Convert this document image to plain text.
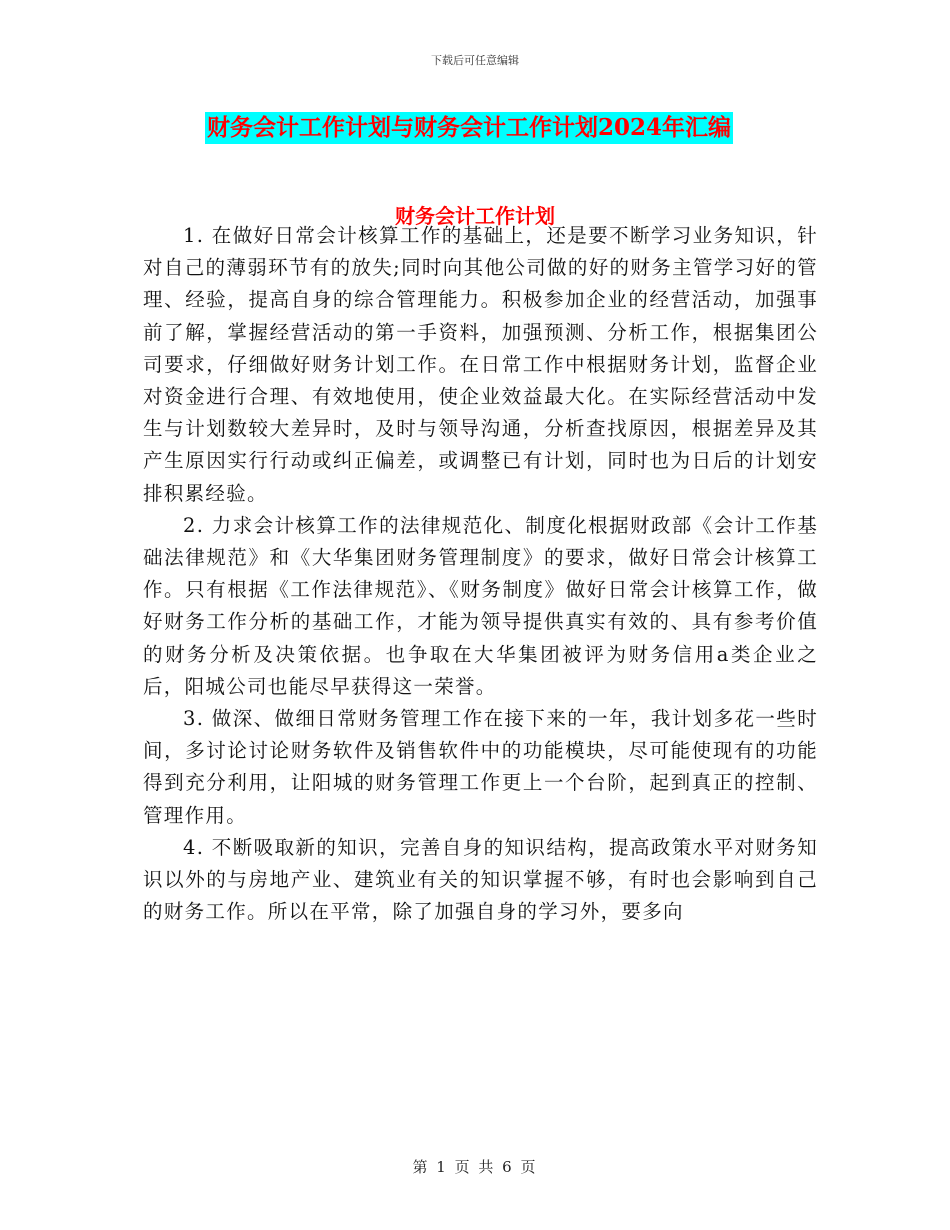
下载后可任意编辑
财务会计工作计划与财务会计工作计划2024年汇编
财务会计工作计划

1. 在做好日常会计核算工作的基础上，还是要不断学习业务知识，针对自己的薄弱环节有的放失;同时向其他公司做的好的财务主管学习好的管理、经验，提高自身的综合管理能力。积极参加企业的经营活动，加强事前了解，掌握经营活动的第一手资料，加强预测、分析工作，根据集团公司要求，仔细做好财务计划工作。在日常工作中根据财务计划，监督企业对资金进行合理、有效地使用，使企业效益最大化。在实际经营活动中发生与计划数较大差异时，及时与领导沟通，分析查找原因，根据差异及其产生原因实行行动或纠正偏差，或调整已有计划，同时也为日后的计划安排积累经验。

2. 力求会计核算工作的法律规范化、制度化根据财政部《会计工作基础法律规范》和《大华集团财务管理制度》的要求，做好日常会计核算工作。只有根据《工作法律规范》、《财务制度》做好日常会计核算工作，做好财务工作分析的基础工作，才能为领导提供真实有效的、具有参考价值的财务分析及决策依据。也争取在大华集团被评为财务信用a类企业之后，阳城公司也能尽早获得这一荣誉。

3. 做深、做细日常财务管理工作在接下来的一年，我计划多花一些时间，多讨论讨论财务软件及销售软件中的功能模块，尽可能使现有的功能得到充分利用，让阳城的财务管理工作更上一个台阶，起到真正的控制、管理作用。

4. 不断吸取新的知识，完善自身的知识结构，提高政策水平对财务知识以外的与房地产业、建筑业有关的知识掌握不够，有时也会影响到自己的财务工作。所以在平常，除了加强自身的学习外，要多向

第 1 页 共 6 页
